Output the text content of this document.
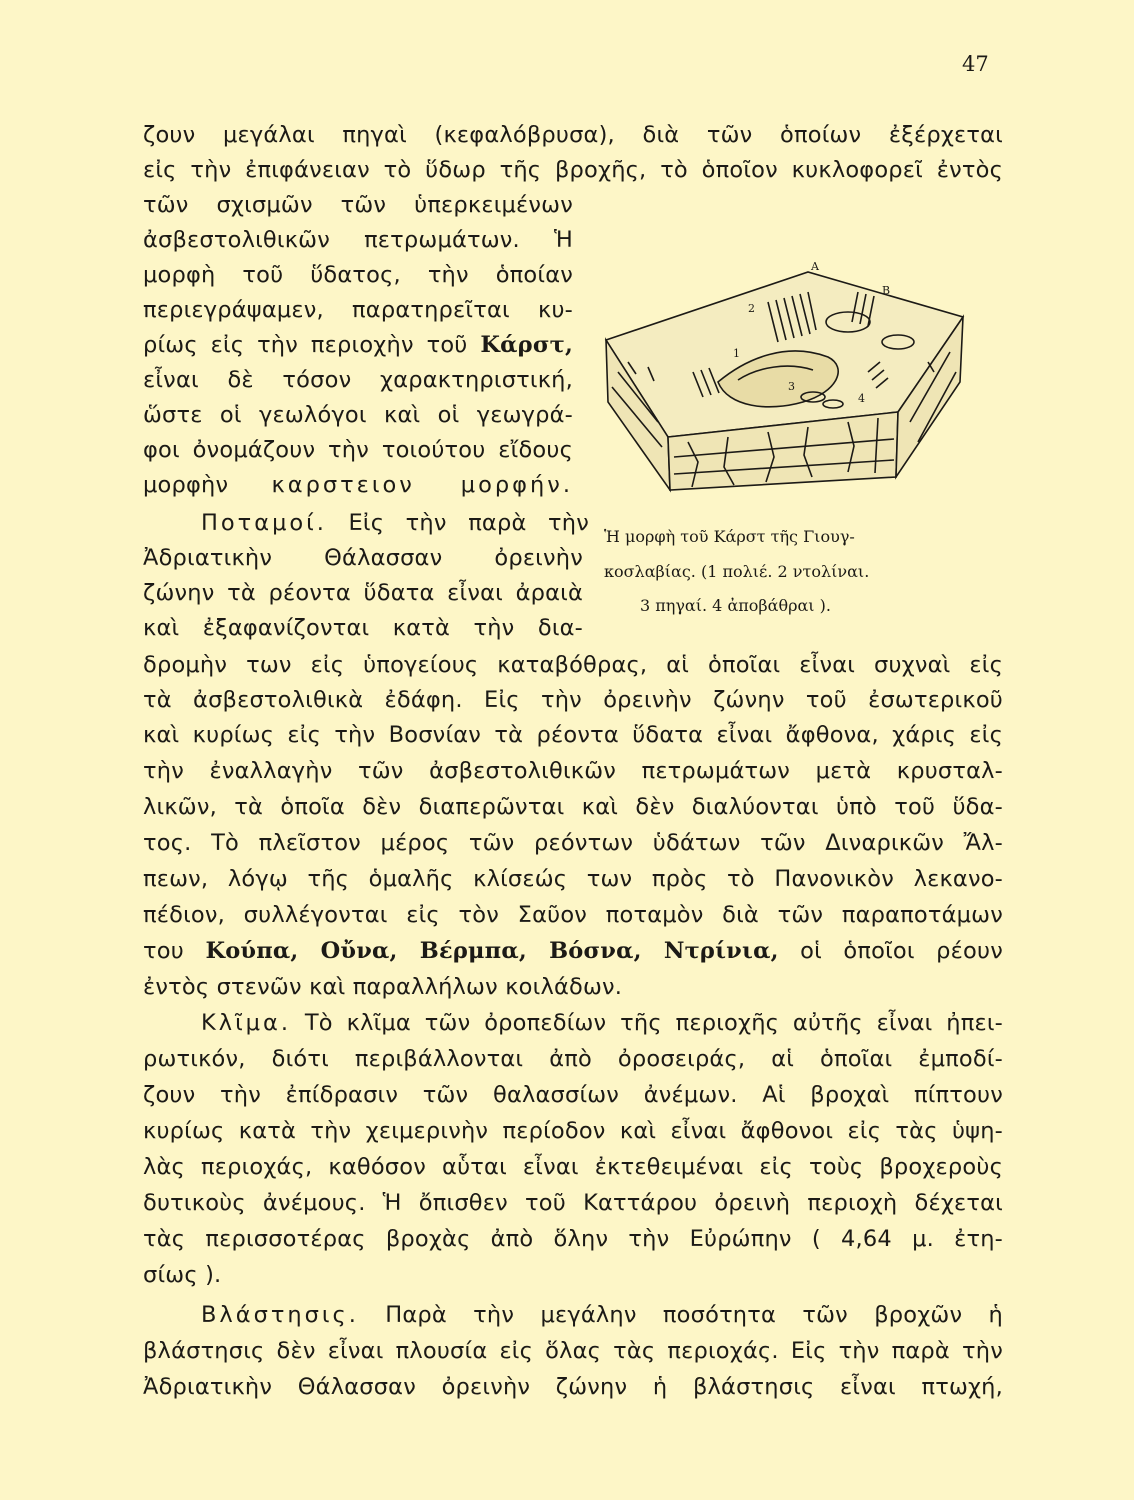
47
A
B
1
2
3
4
Ἡ μορφὴ τοῦ Κάρστ τῆς Γιουγ-
κοσλαβίας. (1 πολιέ. 2 ντολίναι.
3 πηγαί. 4 ἀποβάθραι ).
ζουν μεγάλαι πηγαὶ (κεφαλόβρυσα), διὰ τῶν ὁποίων ἐξέρχεται
εἰς τὴν ἐπιφάνειαν τὸ ὕδωρ τῆς βροχῆς, τὸ ὁποῖον κυκλοφορεῖ ἐντὸς
τῶν σχισμῶν τῶν ὑπερκειμένων
ἀσβεστολιθικῶν πετρωμάτων. Ἡ
μορφὴ τοῦ ὕδατος, τὴν ὁποίαν
περιεγράψαμεν, παρατηρεῖται κυ-
ρίως εἰς τὴν περιοχὴν τοῦ Κάρστ,
εἶναι δὲ τόσον χαρακτηριστική,
ὥστε οἱ γεωλόγοι καὶ οἱ γεωγρά-
φοι ὀνομάζουν τὴν τοιούτου εἴδους
μορφὴν καρστειον μορφήν.
Ποταμοί. Εἰς τὴν παρὰ τὴν
Ἀδριατικὴν Θάλασσαν ὀρεινὴν
ζώνην τὰ ρέοντα ὕδατα εἶναι ἀραιὰ
καὶ ἐξαφανίζονται κατὰ τὴν δια-
δρομὴν των εἰς ὑπογείους καταβόθρας, αἱ ὁποῖαι εἶναι συχναὶ εἰς
τὰ ἀσβεστολιθικὰ ἐδάφη. Εἰς τὴν ὀρεινὴν ζώνην τοῦ ἐσωτερικοῦ
καὶ κυρίως εἰς τὴν Βοσνίαν τὰ ρέοντα ὕδατα εἶναι ἄφθονα, χάρις εἰς
τὴν ἐναλλαγὴν τῶν ἀσβεστολιθικῶν πετρωμάτων μετὰ κρυσταλ-
λικῶν, τὰ ὁποῖα δὲν διαπερῶνται καὶ δὲν διαλύονται ὑπὸ τοῦ ὕδα-
τος. Τὸ πλεῖστον μέρος τῶν ρεόντων ὑδάτων τῶν Διναρικῶν Ἄλ-
πεων, λόγῳ τῆς ὁμαλῆς κλίσεώς των πρὸς τὸ Πανονικὸν λεκανο-
πέδιον, συλλέγονται εἰς τὸν Σαῦον ποταμὸν διὰ τῶν παραποτάμων
του Κούπα, Οὔνα, Βέρμπα, Βόσνα, Ντρίνια, οἱ ὁποῖοι ρέουν
ἐντὸς στενῶν καὶ παραλλήλων κοιλάδων.
Κλῖμα. Τὸ κλῖμα τῶν ὀροπεδίων τῆς περιοχῆς αὐτῆς εἶναι ἠπει-
ρωτικόν, διότι περιβάλλονται ἀπὸ ὀροσειράς, αἱ ὁποῖαι ἐμποδί-
ζουν τὴν ἐπίδρασιν τῶν θαλασσίων ἀνέμων. Αἱ βροχαὶ πίπτουν
κυρίως κατὰ τὴν χειμερινὴν περίοδον καὶ εἶναι ἄφθονοι εἰς τὰς ὑψη-
λὰς περιοχάς, καθόσον αὗται εἶναι ἐκτεθειμέναι εἰς τοὺς βροχεροὺς
δυτικοὺς ἀνέμους. Ἡ ὄπισθεν τοῦ Καττάρου ὀρεινὴ περιοχὴ δέχεται
τὰς περισσοτέρας βροχὰς ἀπὸ ὅλην τὴν Εὐρώπην ( 4,64 μ. ἐτη-
σίως ).
Βλάστησις. Παρὰ τὴν μεγάλην ποσότητα τῶν βροχῶν ἡ
βλάστησις δὲν εἶναι πλουσία εἰς ὅλας τὰς περιοχάς. Εἰς τὴν παρὰ τὴν
Ἀδριατικὴν Θάλασσαν ὀρεινὴν ζώνην ἡ βλάστησις εἶναι πτωχή,
